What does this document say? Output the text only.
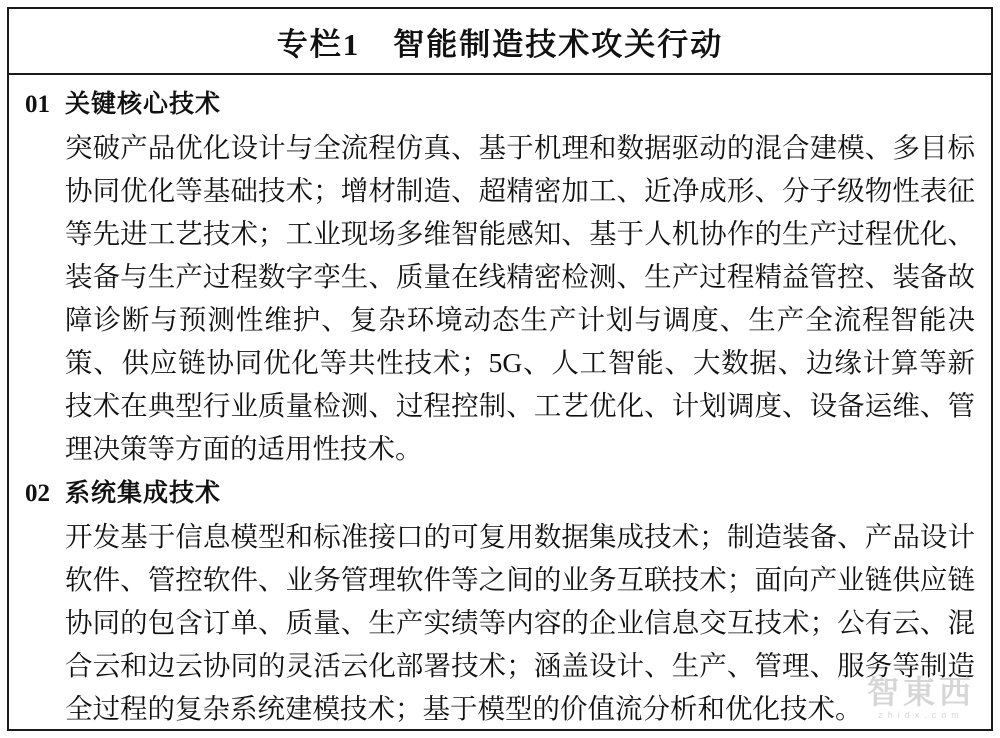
专栏1　智能制造技术攻关行动
01 关键核心技术
突破产品优化设计与全流程仿真、基于机理和数据驱动的混合建模、多目标协同优化等基础技术；增材制造、超精密加工、近净成形、分子级物性表征等先进工艺技术；工业现场多维智能感知、基于人机协作的生产过程优化、装备与生产过程数字孪生、质量在线精密检测、生产过程精益管控、装备故障诊断与预测性维护、复杂环境动态生产计划与调度、生产全流程智能决策、供应链协同优化等共性技术；5G、人工智能、大数据、边缘计算等新技术在典型行业质量检测、过程控制、工艺优化、计划调度、设备运维、管理决策等方面的适用性技术。
02 系统集成技术
开发基于信息模型和标准接口的可复用数据集成技术；制造装备、产品设计软件、管控软件、业务管理软件等之间的业务互联技术；面向产业链供应链协同的包含订单、质量、生产实绩等内容的企业信息交互技术；公有云、混合云和边云协同的灵活云化部署技术；涵盖设计、生产、管理、服务等制造全过程的复杂系统建模技术；基于模型的价值流分析和优化技术。 智東西
zhidx.com
